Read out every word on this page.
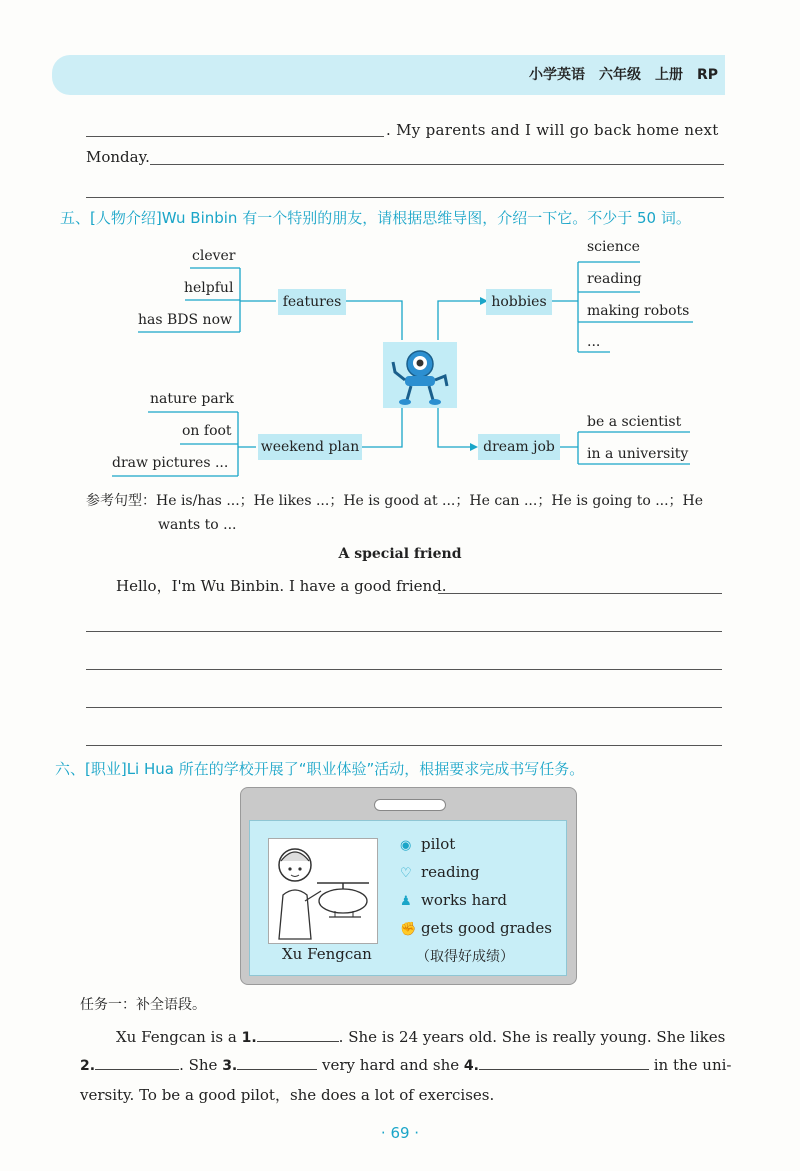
小学英语　六年级　上册　RP
. My parents and I will go back home next
Monday.
五、[人物介绍]Wu Binbin 有一个特别的朋友，请根据思维导图，介绍一下它。不少于 50 词。
features	hobbies
weekend plan	dream job
clever
helpful
has BDS now
science
reading
making robots
...
nature park
on foot
draw pictures ...
be a scientist
in a university
参考句型：He is/has ...；He likes ...；He is good at ...；He can ...；He is going to ...；He
wants to ...
A special friend
Hello，I'm Wu Binbin. I have a good friend.
六、[职业]Li Hua 所在的学校开展了“职业体验”活动，根据要求完成书写任务。
Xu Fengcan
◉ pilot
♡ reading
♟ works hard
✊ gets good grades
（取得好成绩）
任务一：补全语段。
Xu Fengcan is a 1.	. She is 24 years old. She is really young. She likes
2.	. She 3.	very hard and she 4.	in the uni-
versity. To be a good pilot，she does a lot of exercises.
· 69 ·
